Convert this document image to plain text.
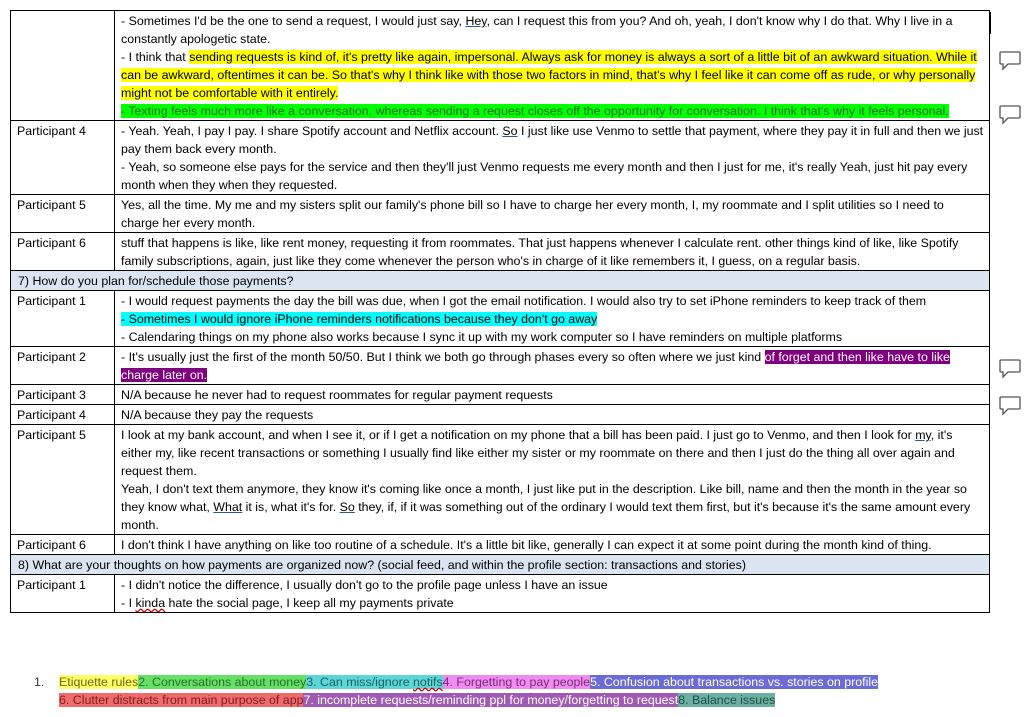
	- Sometimes I'd be the one to send a request, I would just say, Hey, can I request this from you? And oh, yeah, I don't know why I do that. Why I live in a constantly apologetic state.
- I think that sending requests is kind of, it's pretty like again, impersonal. Always ask for money is always a sort of a little bit of an awkward situation. While it can be awkward, oftentimes it can be. So that's why I think like with those two factors in mind, that's why I feel like it can come off as rude, or why personally might not be comfortable with it entirely.
- Texting feels much more like a conversation, whereas sending a request closes off the opportunity for conversation. I think that's why it feels personal.

Participant 4	- Yeah. Yeah, I pay I pay. I share Spotify account and Netflix account. So I just like use Venmo to settle that payment, where they pay it in full and then we just pay them back every month.
- Yeah, so someone else pays for the service and then they'll just Venmo requests me every month and then I just for me, it's really Yeah, just hit pay every month when they when they requested.

Participant 5	Yes, all the time. My me and my sisters split our family's phone bill so I have to charge her every month, I, my roommate and I split utilities so I need to charge her every month.

Participant 6	stuff that happens is like, like rent money, requesting it from roommates. That just happens whenever I calculate rent. other things kind of like, like Spotify family subscriptions, again, just like they come whenever the person who's in charge of it like remembers it, I guess, on a regular basis.

7) How do you plan for/schedule those payments?	
Participant 1	- I would request payments the day the bill was due, when I got the email notification. I would also try to set iPhone reminders to keep track of them
- Sometimes I would ignore iPhone reminders notifications because they don't go away
- Calendaring things on my phone also works because I sync it up with my work computer so I have reminders on multiple platforms

Participant 2	- It's usually just the first of the month 50/50. But I think we both go through phases every so often where we just kind of forget and then like have to like charge later on.

Participant 3	N/A because he never had to request roommates for regular payment requests

Participant 4	N/A because they pay the requests

Participant 5	I look at my bank account, and when I see it, or if I get a notification on my phone that a bill has been paid. I just go to Venmo, and then I look for my, it's either my, like recent transactions or something I usually find like either my sister or my roommate on there and then I just do the thing all over again and request them.
Yeah, I don't text them anymore, they know it's coming like once a month, I just like put in the description. Like bill, name and then the month in the year so they know what, What it is, what it's for. So they, if, if it was something out of the ordinary I would text them first, but it's because it's the same amount every month.

Participant 6	I don't think I have anything on like too routine of a schedule. It's a little bit like, generally I can expect it at some point during the month kind of thing.

8) What are your thoughts on how payments are organized now? (social feed, and within the profile section: transactions and stories)	
Participant 1	- I didn't notice the difference, I usually don't go to the profile page unless I have an issue
- I kinda hate the social page, I keep all my payments private
1. Etiquette rules2. Conversations about money3. Can miss/ignore notifs4. Forgetting to pay people5. Confusion about transactions vs. stories on profile
6. Clutter distracts from main purpose of app7. incomplete requests/reminding ppl for money/forgetting to request8. Balance issues
